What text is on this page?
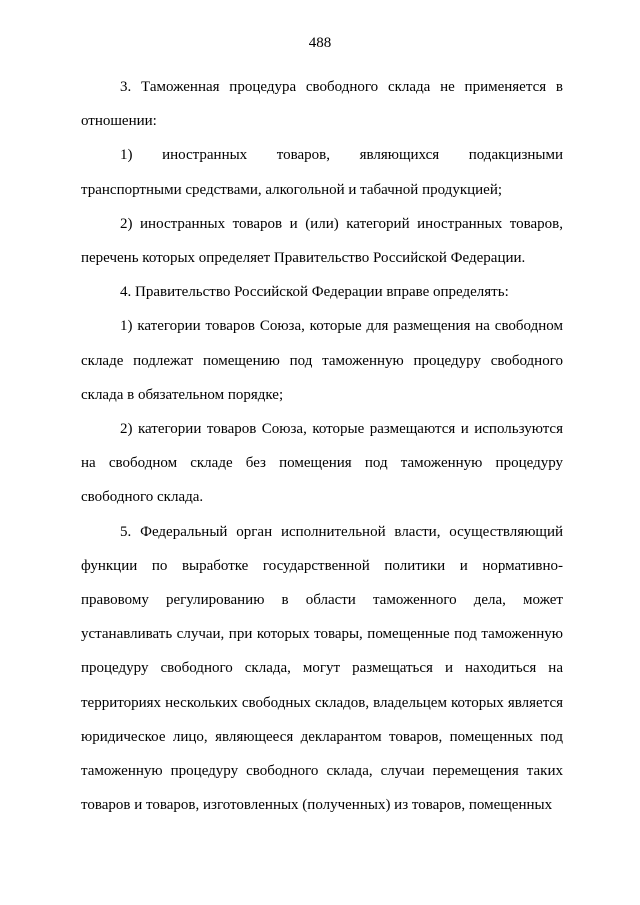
488

3. Таможенная процедура свободного склада не применяется в отношении:

1) иностранных товаров, являющихся подакцизными транспортными средствами, алкогольной и табачной продукцией;

2) иностранных товаров и (или) категорий иностранных товаров, перечень которых определяет Правительство Российской Федерации.

4. Правительство Российской Федерации вправе определять:

1) категории товаров Союза, которые для размещения на свободном складе подлежат помещению под таможенную процедуру свободного склада в обязательном порядке;

2) категории товаров Союза, которые размещаются и используются на свободном складе без помещения под таможенную процедуру свободного склада.

5. Федеральный орган исполнительной власти, осуществляющий функции по выработке государственной политики и нормативно-правовому регулированию в области таможенного дела, может устанавливать случаи, при которых товары, помещенные под таможенную процедуру свободного склада, могут размещаться и находиться на территориях нескольких свободных складов, владельцем которых является юридическое лицо, являющееся декларантом товаров, помещенных под таможенную процедуру свободного склада, случаи перемещения таких товаров и товаров, изготовленных (полученных) из товаров, помещенных
